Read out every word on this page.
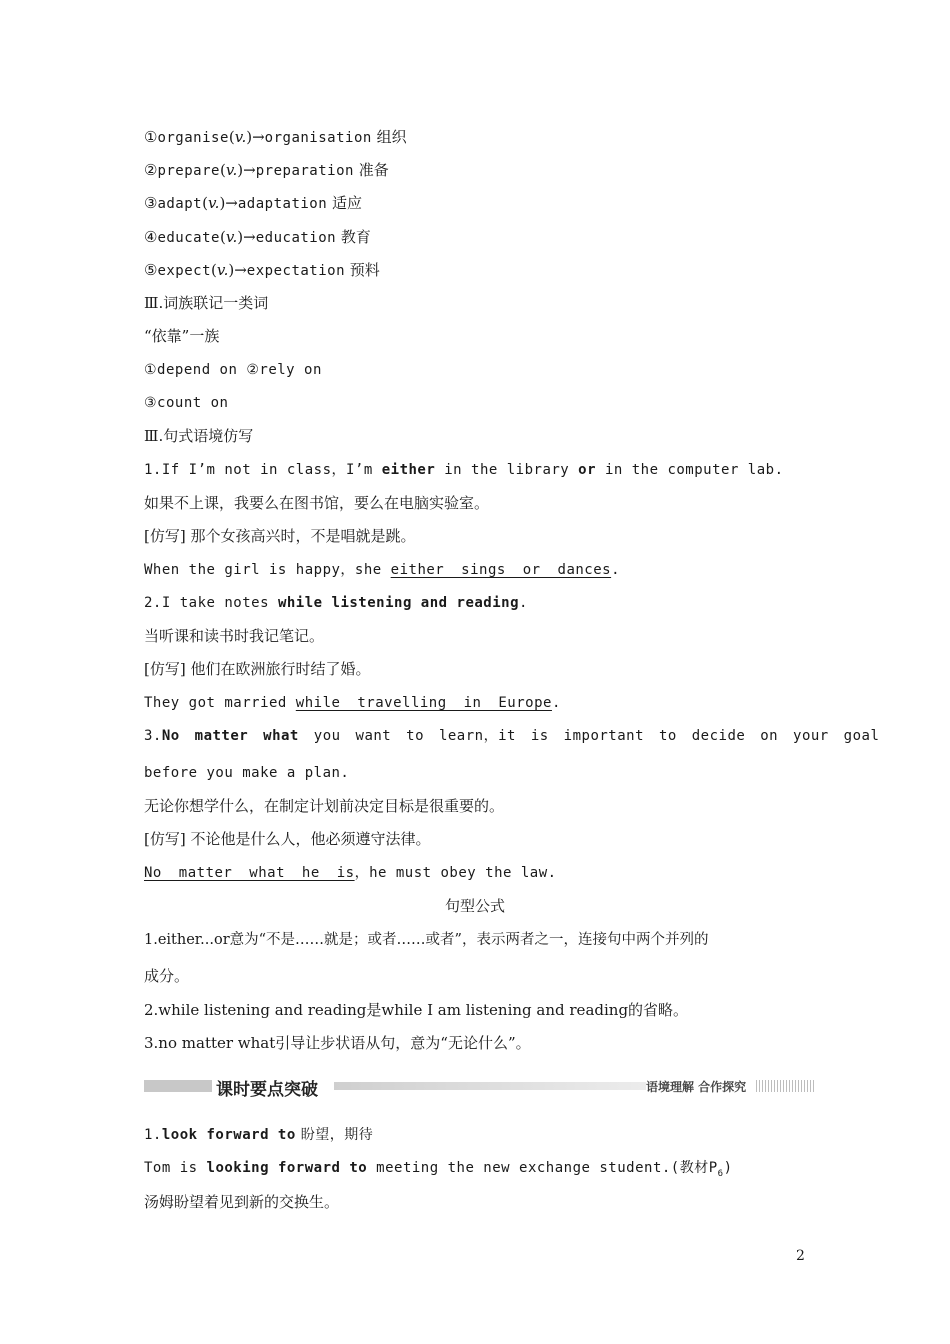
①organise(v.)→organisation 组织
②prepare(v.)→preparation 准备
③adapt(v.)→adaptation 适应
④educate(v.)→education 教育
⑤expect(v.)→expectation 预料
Ⅲ.词族联记一类词
“依靠”一族
①depend on ②rely on
③count on
Ⅲ.句式语境仿写
1.If I’m not in class，I’m either in the library or in the computer lab.
如果不上课，我要么在图书馆，要么在电脑实验室。
[仿写] 那个女孩高兴时，不是唱就是跳。
When the girl is happy，she either sings or dances.
2.I take notes while listening and reading.
当听课和读书时我记笔记。
[仿写] 他们在欧洲旅行时结了婚。
They got married while travelling in Europe.
3.No matter what you want to learn，it is important to decide on your goal
before you make a plan.
无论你想学什么，在制定计划前决定目标是很重要的。
[仿写] 不论他是什么人，他必须遵守法律。
No matter what he is，he must obey the law.
句型公式
1.either...or意为“不是……就是；或者……或者”，表示两者之一，连接句中两个并列的
成分。
2.while listening and reading是while I am listening and reading的省略。
3.no matter what引导让步状语从句，意为“无论什么”。
课时要点突破	语境理解 合作探究
1.look forward to 盼望，期待
Tom is looking forward to meeting the new exchange student.(教材$P_6$)
汤姆盼望着见到新的交换生。
2
